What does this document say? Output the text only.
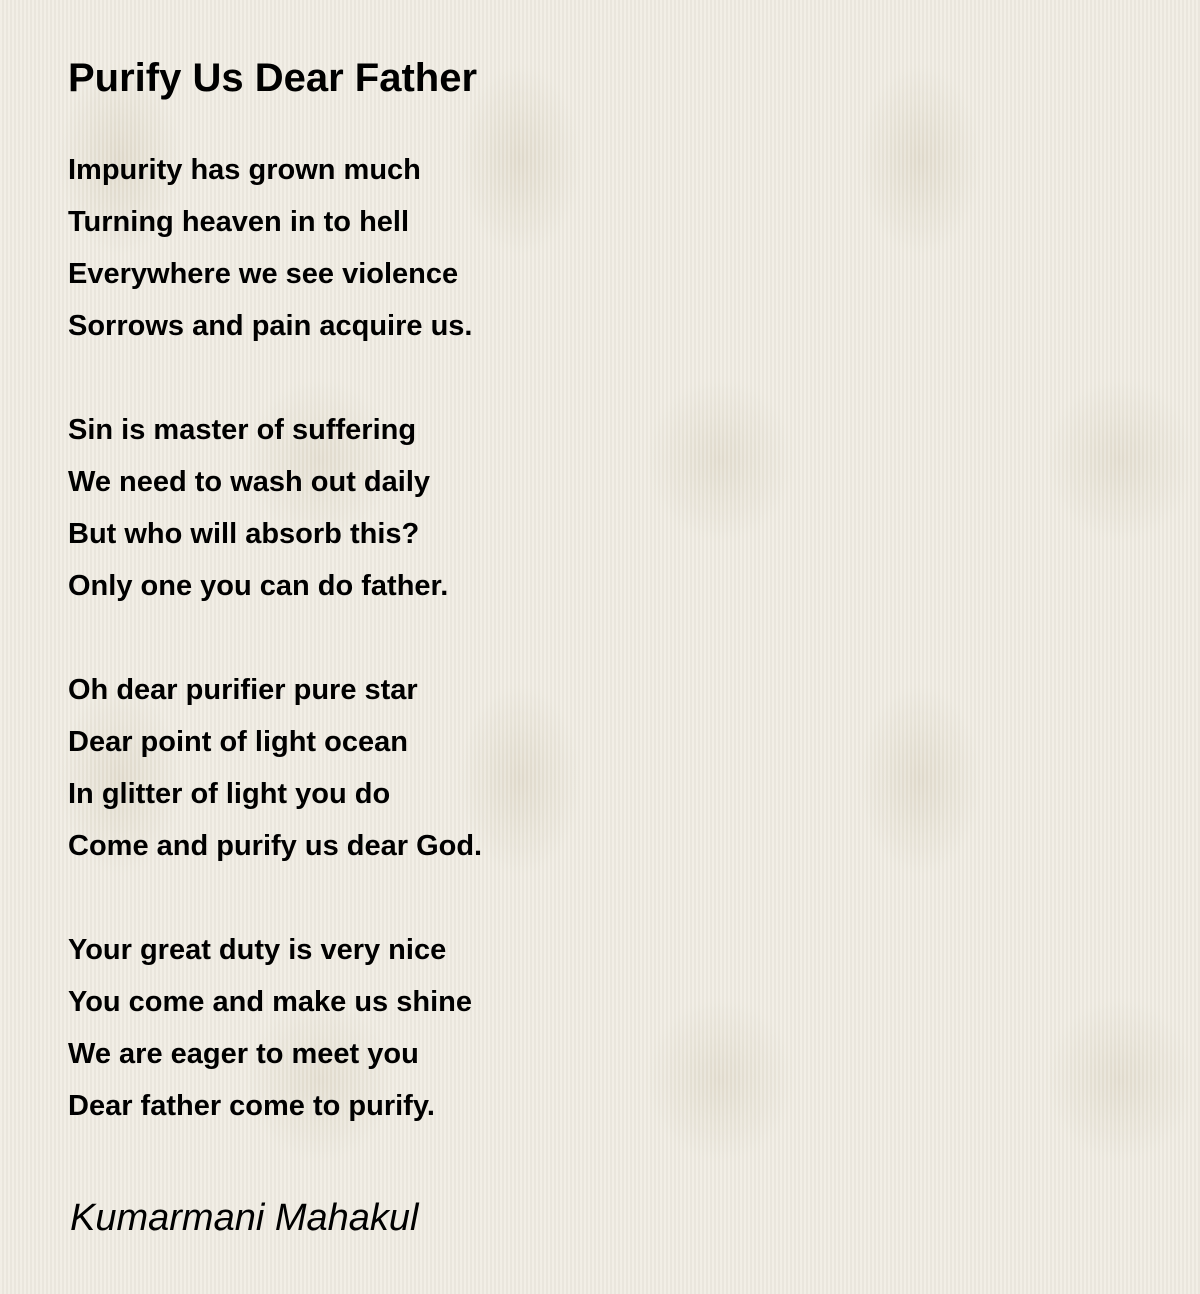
Purify Us Dear Father
Impurity has grown much
Turning heaven in to hell
Everywhere we see violence
Sorrows and pain acquire us.
Sin is master of suffering
We need to wash out daily
But who will absorb this?
Only one you can do father.
Oh dear purifier pure star
Dear point of light ocean
In glitter of light you do
Come and purify us dear God.
Your great duty is very nice
You come and make us shine
We are eager to meet you
Dear father come to purify.
Kumarmani Mahakul
